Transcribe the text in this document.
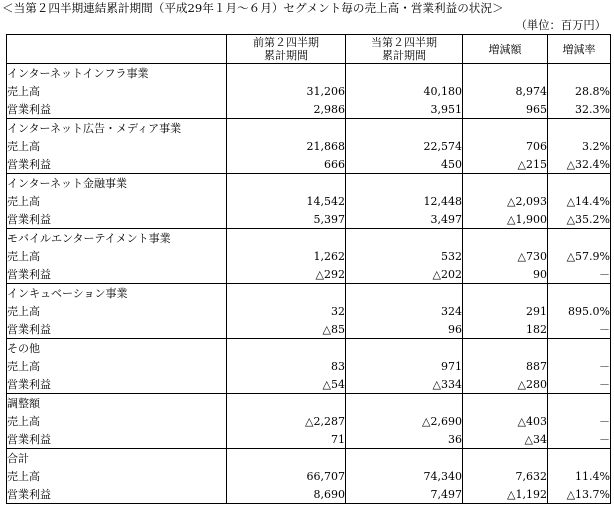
＜当第２四半期連結累計期間（平成29年１月～６月）セグメント毎の売上高・営業利益の状況＞
（単位：百万円）

	前第２四半期
累計期間	当第２四半期
累計期間	増減額	増減率
インターネットインフラ事業				
売上高	31,206	40,180	8,974	28.8%
営業利益	2,986	3,951	965	32.3%
インターネット広告・メディア事業				
売上高	21,868	22,574	706	3.2%
営業利益	666	450	△215	△32.4%
インターネット金融事業				
売上高	14,542	12,448	△2,093	△14.4%
営業利益	5,397	3,497	△1,900	△35.2%
モバイルエンターテイメント事業				
売上高	1,262	532	△730	△57.9%
営業利益	△292	△202	90	－
インキュベーション事業				
売上高	32	324	291	895.0%
営業利益	△85	96	182	－
その他				
売上高	83	971	887	－
営業利益	△54	△334	△280	－
調整額				
売上高	△2,287	△2,690	△403	－
営業利益	71	36	△34	－
合計				
売上高	66,707	74,340	7,632	11.4%
営業利益	8,690	7,497	△1,192	△13.7%
